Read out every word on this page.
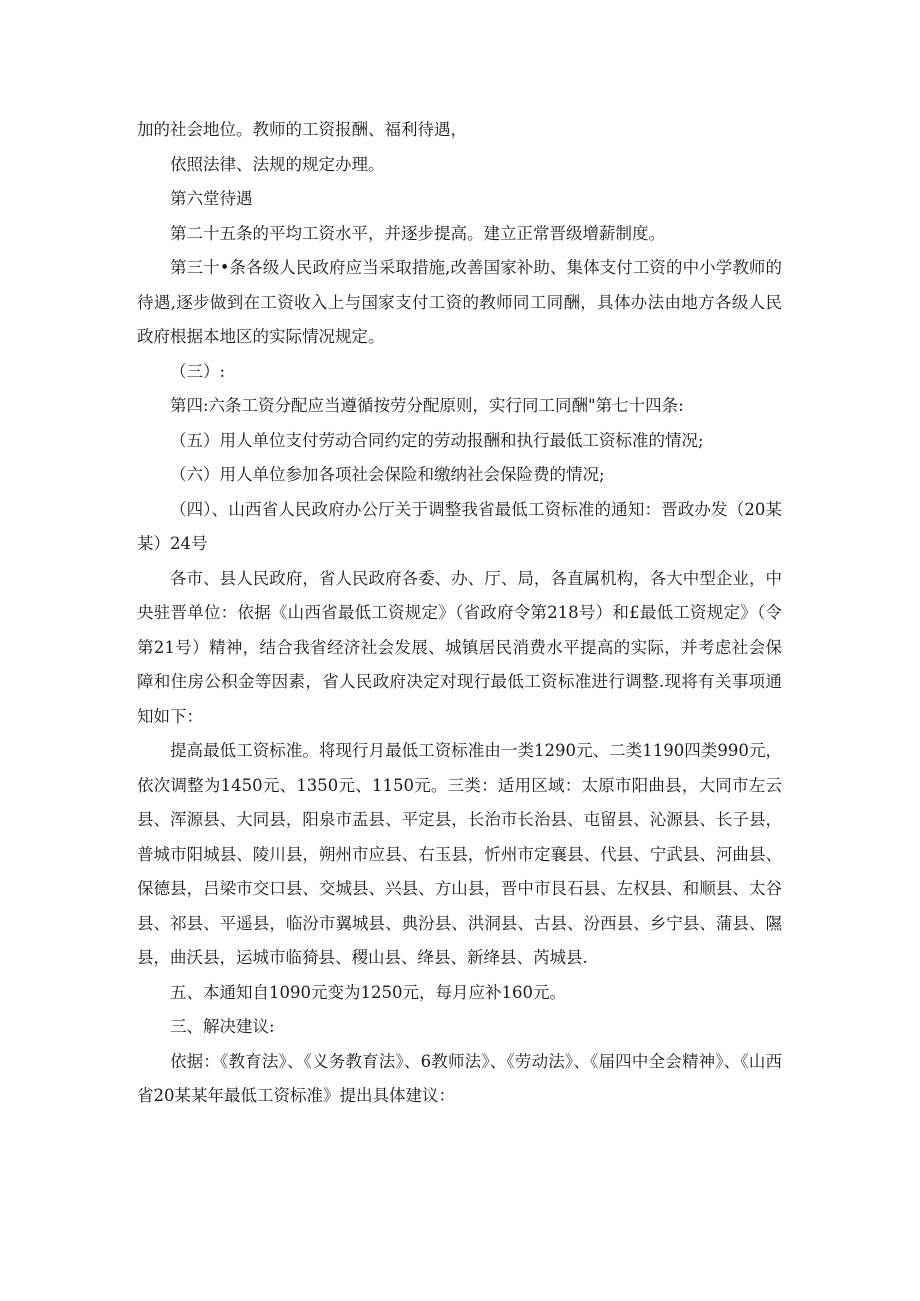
加的社会地位。教师的工资报酬、福利待遇，

依照法律、法规的规定办理。

第六堂待遇

第二十五条的平均工资水平，并逐步提高。建立正常晋级增薪制度。

第三十•条各级人民政府应当采取措施,改善国家补助、集体支付工资的中小学教师的待遇,逐步做到在工资收入上与国家支付工资的教师同工同酬，具体办法由地方各级人民政府根据本地区的实际情况规定。

（三）:

第四:六条工资分配应当遵循按劳分配原则，实行同工同酬"第七十四条:

（五）用人单位支付劳动合同约定的劳动报酬和执行最低工资标准的情况;

（六）用人单位参加各项社会保险和缴纳社会保险费的情况;

（四）、山西省人民政府办公厅关于调整我省最低工资标准的通知：晋政办发（20某某）24号

各市、县人民政府，省人民政府各委、办、厅、局，各直属机构，各大中型企业，中央驻晋单位：依据《山西省最低工资规定》（省政府令第218号）和£最低工资规定》（令第21号）精神，结合我省经济社会发展、城镇居民消费水平提高的实际，并考虑社会保障和住房公积金等因素，省人民政府决定对现行最低工资标准进行调整.现将有关事项通知如下：

提高最低工资标准。将现行月最低工资标准由一类1290元、二类1190四类990元，依次调整为1450元、1350元、1150元。三类：适用区域：太原市阳曲县，大同市左云县、浑源县、大同县，阳泉市盂县、平定县，长治市长治县、屯留县、沁源县、长子县，普城市阳城县、陵川县，朔州市应县、右玉县，忻州市定襄县、代县、宁武县、河曲县、保德县，吕梁市交口县、交城县、兴县、方山县，晋中市艮石县、左权县、和顺县、太谷县、祁县、平遥县，临汾市翼城县、典汾县、洪洞县、古县、汾西县、乡宁县、蒲县、隰县，曲沃县，运城市临猗县、稷山县、绛县、新绛县、芮城县.

五、本通知自1090元变为1250元，每月应补160元。

三、解决建议:

依据：《教育法》、《义务教育法》、6教师法》、《劳动法》、《届四中全会精神》、《山西省20某某年最低工资标准》提出具体建议：
